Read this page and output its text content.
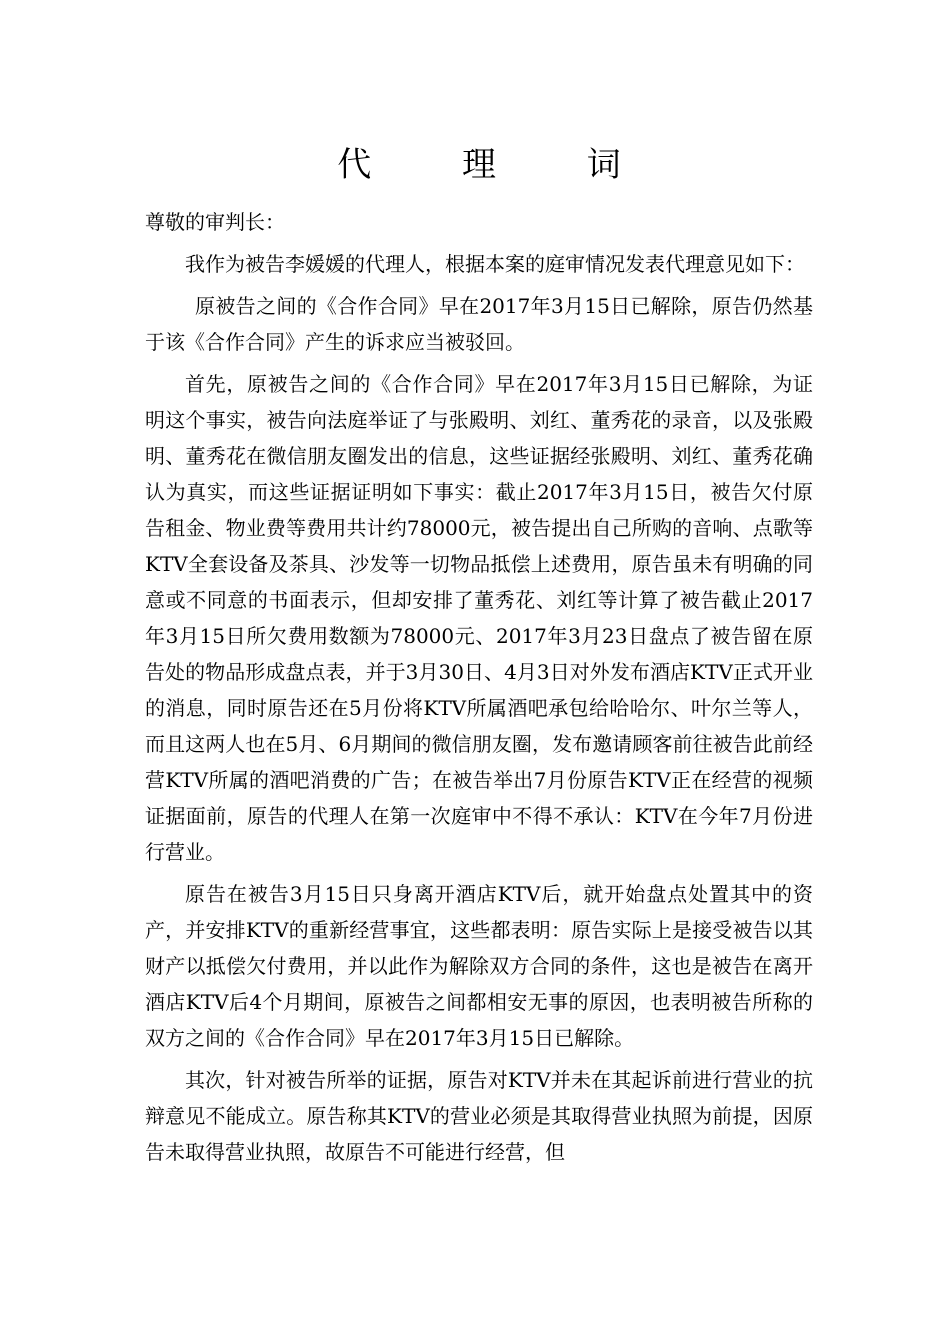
代 理 词

尊敬的审判长：

我作为被告李媛媛的代理人，根据本案的庭审情况发表代理意见如下：

原被告之间的《合作合同》早在2017年3月15日已解除，原告仍然基于该《合作合同》产生的诉求应当被驳回。

首先，原被告之间的《合作合同》早在2017年3月15日已解除，为证明这个事实，被告向法庭举证了与张殿明、刘红、董秀花的录音，以及张殿明、董秀花在微信朋友圈发出的信息，这些证据经张殿明、刘红、董秀花确认为真实，而这些证据证明如下事实：截止2017年3月15日，被告欠付原告租金、物业费等费用共计约78000元，被告提出自己所购的音响、点歌等KTV全套设备及茶具、沙发等一切物品抵偿上述费用，原告虽未有明确的同意或不同意的书面表示，但却安排了董秀花、刘红等计算了被告截止2017年3月15日所欠费用数额为78000元、2017年3月23日盘点了被告留在原告处的物品形成盘点表，并于3月30日、4月3日对外发布酒店KTV正式开业的消息，同时原告还在5月份将KTV所属酒吧承包给哈哈尔、叶尔兰等人，而且这两人也在5月、6月期间的微信朋友圈，发布邀请顾客前往被告此前经营KTV所属的酒吧消费的广告；在被告举出7月份原告KTV正在经营的视频证据面前，原告的代理人在第一次庭审中不得不承认：KTV在今年7月份进行营业。

原告在被告3月15日只身离开酒店KTV后，就开始盘点处置其中的资产，并安排KTV的重新经营事宜，这些都表明：原告实际上是接受被告以其财产以抵偿欠付费用，并以此作为解除双方合同的条件，这也是被告在离开酒店KTV后4个月期间，原被告之间都相安无事的原因，也表明被告所称的双方之间的《合作合同》早在2017年3月15日已解除。

其次，针对被告所举的证据，原告对KTV并未在其起诉前进行营业的抗辩意见不能成立。原告称其KTV的营业必须是其取得营业执照为前提，因原告未取得营业执照，故原告不可能进行经营，但
